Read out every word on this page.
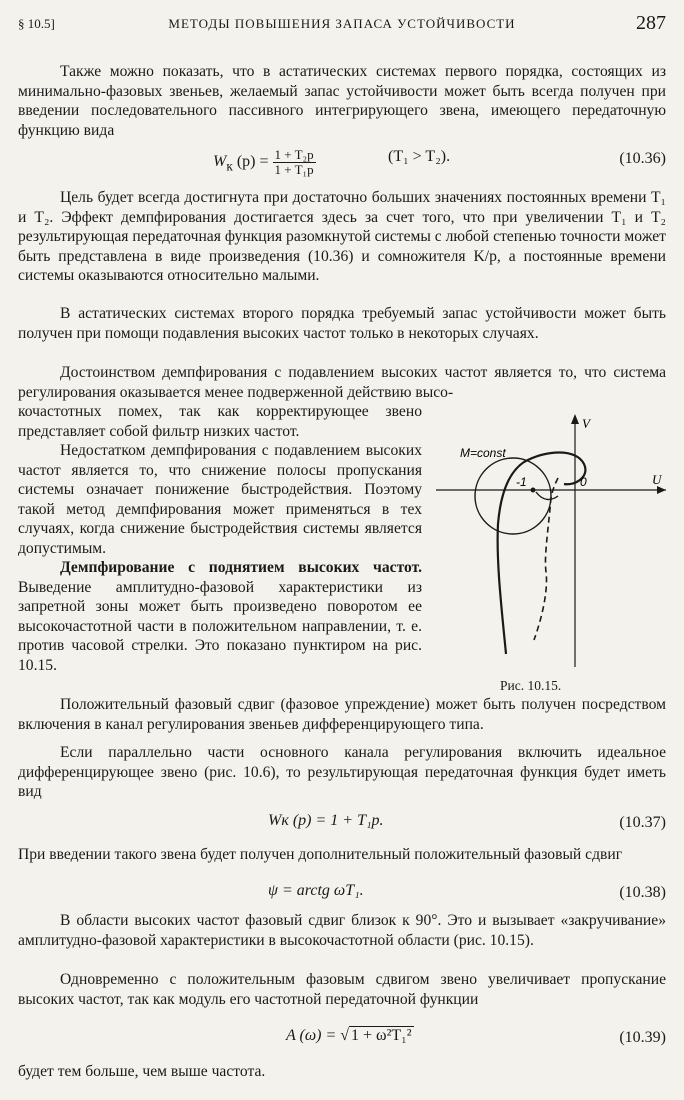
§ 10.5]	МЕТОДЫ ПОВЫШЕНИЯ ЗАПАСА УСТОЙЧИВОСТИ	287
Также можно показать, что в астатических системах первого порядка, состоящих из минимально-фазовых звеньев, желаемый запас устойчивости может быть всегда получен при введении последовательного пассивного интегрирующего звена, имеющего передаточную функцию вида
$W_к$ $(p) = \frac{\text{1 + T₂p}}{\text{1 + T₁p}}$	(T₁ > T₂).	(10.36)
Цель будет всегда достигнута при достаточно больших значениях постоянных времени T₁ и T₂. Эффект демпфирования достигается здесь за счет того, что при увеличении T₁ и T₂ результирующая передаточная функция разомкнутой системы с любой степенью точности может быть представлена в виде произведения (10.36) и сомножителя K/p, а постоянные времени системы оказываются относительно малыми.
В астатических системах второго порядка требуемый запас устойчивости может быть получен при помощи подавления высоких частот только в некоторых случаях.
Достоинством демпфирования с подавлением высоких частот является то, что система регулирования оказывается менее подверженной действию высо-
кочастотных помех, так как корректирующее звено представляет собой фильтр низких частот.
Недостатком демпфирования с подавлением высоких частот является то, что снижение полосы пропускания системы означает понижение быстродействия. Поэтому такой метод демпфирования может применяться в тех случаях, когда снижение быстродействия системы является допустимым.
Демпфирование с поднятием высоких частот. Выведение амплитудно-фазовой характеристики из запретной зоны может быть произведено поворотом ее высокочастотной части в положительном направлении, т. е. против часовой стрелки. Это показано пунктиром на рис. 10.15.
Положительный фазовый сдвиг (фазовое упреждение) может быть получен посредством включения в канал регулирования звеньев дифференцирующего типа.
Если параллельно части основного канала регулирования включить идеальное дифференцирующее звено (рис. 10.6), то результирующая передаточная функция будет иметь вид
Wк (p) = 1 + T₁p.	(10.37)
При введении такого звена будет получен дополнительный положительный фазовый сдвиг
ψ = arctg ωT₁.	(10.38)
В области высоких частот фазовый сдвиг близок к 90°. Это и вызывает «закручивание» амплитудно-фазовой характеристики в высокочастотной области (рис. 10.15).
Одновременно с положительным фазовым сдвигом звено увеличивает пропускание высоких частот, так как модуль его частотной передаточной функции
A (ω) = √ 1 + ω²T₁²	(10.39)
будет тем больше, чем выше частота.
M=const
V
U
-1	0
Рис. 10.15.
